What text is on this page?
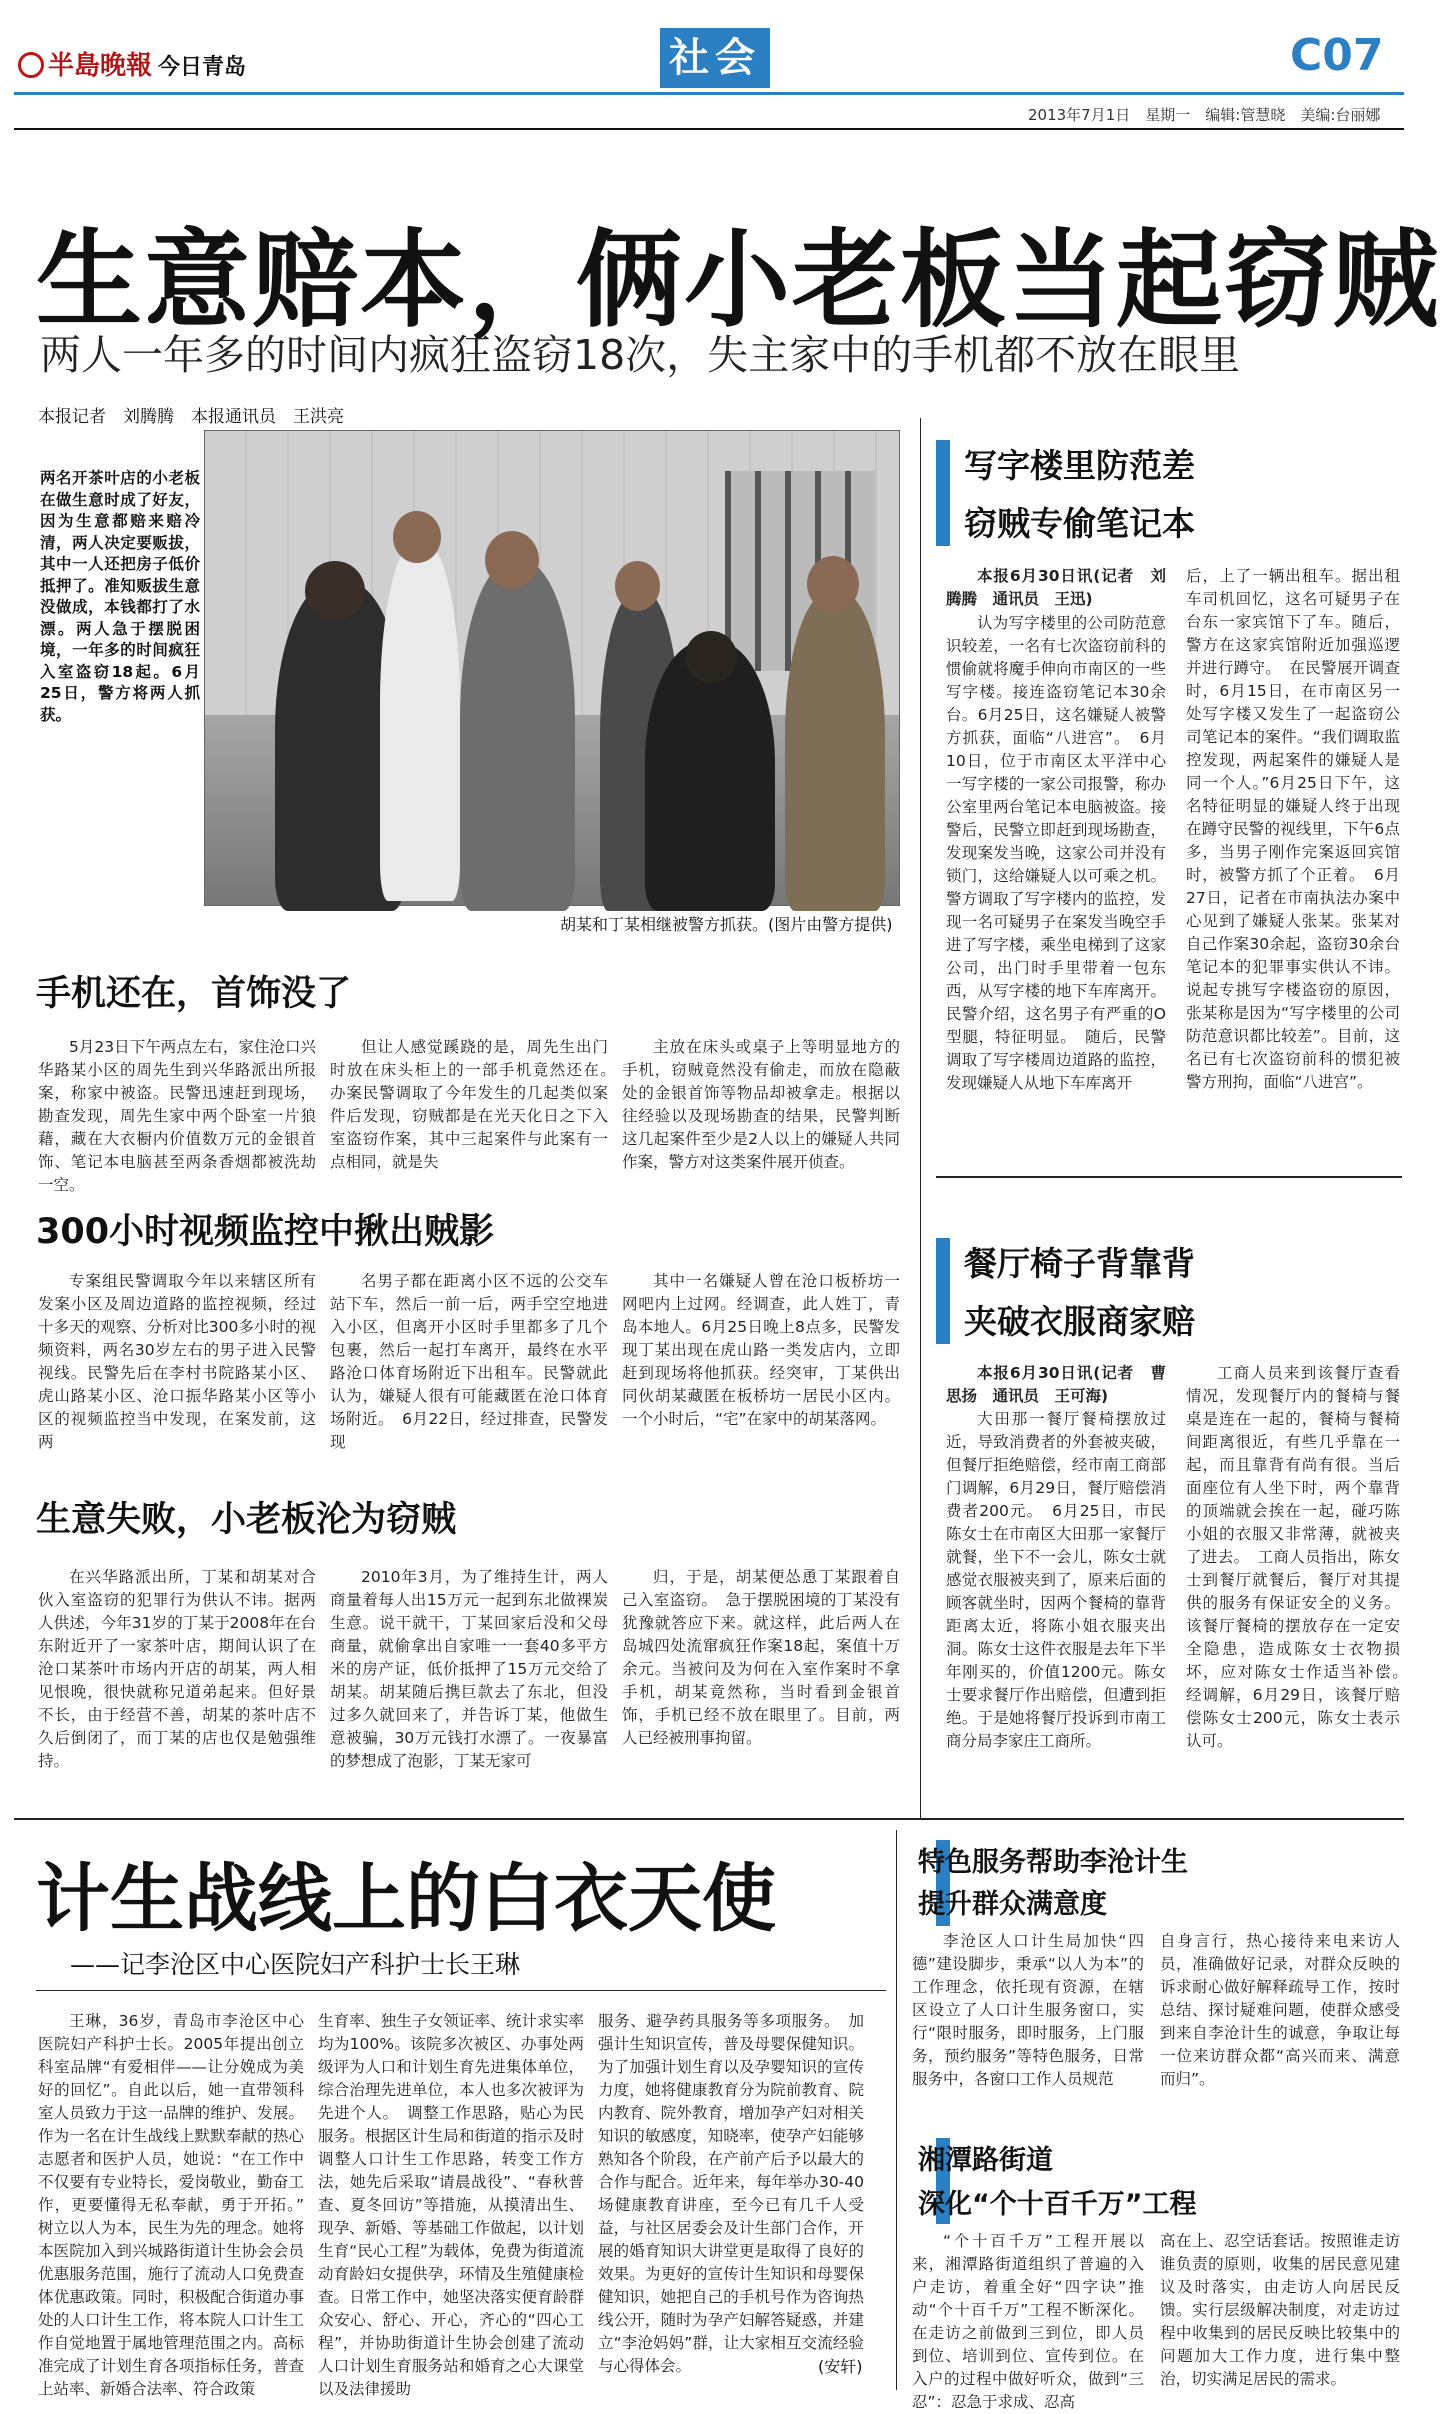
半島晚報 今日青岛	社会	C07
2013年7月1日　星期一　编辑:管慧晓　美编:台丽娜
生意赔本，俩小老板当起窃贼
两人一年多的时间内疯狂盗窃18次，失主家中的手机都不放在眼里
本报记者　刘腾腾　本报通讯员　王洪亮
两名开茶叶店的小老板在做生意时成了好友，因为生意都赔来赔冷清，两人决定要贩拔，其中一人还把房子低价抵押了。准知贩拔生意没做成，本钱都打了水漂。两人急于摆脱困境，一年多的时间疯狂入室盗窃18起。6月25日，警方将两人抓获。
胡某和丁某相继被警方抓获。(图片由警方提供)
手机还在，首饰没了
5月23日下午两点左右，家住沧口兴华路某小区的周先生到兴华路派出所报案，称家中被盗。民警迅速赶到现场，勘查发现，周先生家中两个卧室一片狼藉，藏在大衣橱内价值数万元的金银首饰、笔记本电脑甚至两条香烟都被洗劫一空。
但让人感觉蹊跷的是，周先生出门时放在床头柜上的一部手机竟然还在。　办案民警调取了今年发生的几起类似案件后发现，窃贼都是在光天化日之下入室盗窃作案，其中三起案件与此案有一点相同，就是失
主放在床头或桌子上等明显地方的手机，窃贼竟然没有偷走，而放在隐蔽处的金银首饰等物品却被拿走。根据以往经验以及现场勘查的结果，民警判断这几起案件至少是2人以上的嫌疑人共同作案，警方对这类案件展开侦查。
300小时视频监控中揪出贼影
专案组民警调取今年以来辖区所有发案小区及周边道路的监控视频，经过十多天的观察、分析对比300多小时的视频资料，两名30岁左右的男子进入民警视线。民警先后在李村书院路某小区、虎山路某小区、沧口振华路某小区等小区的视频监控当中发现，在案发前，这两
名男子都在距离小区不远的公交车站下车，然后一前一后，两手空空地进入小区，但离开小区时手里都多了几个包裹，然后一起打车离开，最终在水平路沧口体育场附近下出租车。民警就此认为，嫌疑人很有可能藏匿在沧口体育场附近。　6月22日，经过排查，民警发现
其中一名嫌疑人曾在沧口板桥坊一网吧内上过网。经调查，此人姓丁，青岛本地人。6月25日晚上8点多，民警发现丁某出现在虎山路一类发店内，立即赶到现场将他抓获。经突审，丁某供出同伙胡某藏匿在板桥坊一居民小区内。一个小时后，“宅”在家中的胡某落网。
生意失败，小老板沦为窃贼
在兴华路派出所，丁某和胡某对合伙入室盗窃的犯罪行为供认不讳。据两人供述，今年31岁的丁某于2008年在台东附近开了一家茶叶店，期间认识了在沧口某茶叶市场内开店的胡某，两人相见恨晚，很快就称兄道弟起来。但好景不长，由于经营不善，胡某的茶叶店不久后倒闭了，而丁某的店也仅是勉强维持。
2010年3月，为了维持生计，两人商量着每人出15万元一起到东北做裸炭生意。说干就干，丁某回家后没和父母商量，就偷拿出自家唯一一套40多平方米的房产证，低价抵押了15万元交给了胡某。胡某随后携巨款去了东北，但没过多久就回来了，并告诉丁某，他做生意被骗，30万元钱打水漂了。一夜暴富的梦想成了泡影，丁某无家可
归，于是，胡某便怂恿丁某跟着自己入室盗窃。　急于摆脱困境的丁某没有犹豫就答应下来。就这样，此后两人在岛城四处流窜疯狂作案18起，案值十万余元。当被问及为何在入室作案时不拿手机，胡某竟然称，当时看到金银首饰，手机已经不放在眼里了。目前，两人已经被刑事拘留。
写字楼里防范差
窃贼专偷笔记本
本报6月30日讯(记者　刘腾腾　通讯员　王迅)
认为写字楼里的公司防范意识较差，一名有七次盗窃前科的惯偷就将魔手伸向市南区的一些写字楼。接连盗窃笔记本30余台。6月25日，这名嫌疑人被警方抓获，面临“八进宫”。　6月10日，位于市南区太平洋中心一写字楼的一家公司报警，称办公室里两台笔记本电脑被盗。接警后，民警立即赶到现场勘查，发现案发当晚，这家公司并没有锁门，这给嫌疑人以可乘之机。警方调取了写字楼内的监控，发现一名可疑男子在案发当晚空手进了写字楼，乘坐电梯到了这家公司，出门时手里带着一包东西，从写字楼的地下车库离开。民警介绍，这名男子有严重的O型腿，特征明显。　随后，民警调取了写字楼周边道路的监控，发现嫌疑人从地下车库离开
后，上了一辆出租车。据出租车司机回忆，这名可疑男子在台东一家宾馆下了车。随后，警方在这家宾馆附近加强巡逻并进行蹲守。　在民警展开调查时，6月15日，在市南区另一处写字楼又发生了一起盗窃公司笔记本的案件。“我们调取监控发现，两起案件的嫌疑人是同一个人。”6月25日下午，这名特征明显的嫌疑人终于出现在蹲守民警的视线里，下午6点多，当男子刚作完案返回宾馆时，被警方抓了个正着。　6月27日，记者在市南执法办案中心见到了嫌疑人张某。张某对自己作案30余起，盗窃30余台笔记本的犯罪事实供认不讳。说起专挑写字楼盗窃的原因，张某称是因为“写字楼里的公司防范意识都比较差”。目前，这名已有七次盗窃前科的惯犯被警方刑拘，面临“八进宫”。
餐厅椅子背靠背
夹破衣服商家赔
本报6月30日讯(记者　曹思扬　通讯员　王可海)
大田那一餐厅餐椅摆放过近，导致消费者的外套被夹破，但餐厅拒绝赔偿，经市南工商部门调解，6月29日，餐厅赔偿消费者200元。　6月25日，市民陈女士在市南区大田那一家餐厅就餐，坐下不一会儿，陈女士就感觉衣服被夹到了，原来后面的顾客就坐时，因两个餐椅的靠背距离太近，将陈小姐衣服夹出洞。陈女士这件衣服是去年下半年刚买的，价值1200元。陈女士要求餐厅作出赔偿，但遭到拒绝。于是她将餐厅投诉到市南工商分局李家庄工商所。
工商人员来到该餐厅查看情况，发现餐厅内的餐椅与餐桌是连在一起的，餐椅与餐椅间距离很近，有些几乎靠在一起，而且靠背有尚有很。当后面座位有人坐下时，两个靠背的顶端就会挨在一起，碰巧陈小姐的衣服又非常薄，就被夹了进去。　工商人员指出，陈女士到餐厅就餐后，餐厅对其提供的服务有保证安全的义务。该餐厅餐椅的摆放存在一定安全隐患，造成陈女士衣物损坏，应对陈女士作适当补偿。　经调解，6月29日，该餐厅赔偿陈女士200元，陈女士表示认可。
计生战线上的白衣天使
——记李沧区中心医院妇产科护士长王琳
王琳，36岁，青岛市李沧区中心医院妇产科护士长。2005年提出创立科室品牌“有爱相伴——让分娩成为美好的回忆”。自此以后，她一直带领科室人员致力于这一品牌的维护、发展。作为一名在计生战线上默默奉献的热心志愿者和医护人员，她说：“在工作中不仅要有专业特长，爱岗敬业，勤奋工作，更要懂得无私奉献，勇于开拓。”　树立以人为本，民生为先的理念。她将本医院加入到兴城路街道计生协会会员优惠服务范围，施行了流动人口免费查体优惠政策。同时，积极配合街道办事处的人口计生工作，将本院人口计生工作自觉地置于属地管理范围之内。高标准完成了计划生育各项指标任务，普查上站率、新婚合法率、符合政策
生育率、独生子女领证率、统计求实率均为100%。该院多次被区、办事处两级评为人口和计划生育先进集体单位，综合治理先进单位，本人也多次被评为先进个人。　调整工作思路，贴心为民服务。根据区计生局和街道的指示及时调整人口计生工作思路，转变工作方法，她先后采取“请晨战役”、“春秋普查、夏冬回访”等措施，从摸清出生、现孕、新婚、等基础工作做起，以计划生育“民心工程”为载体，免费为街道流动育龄妇女提供孕，环情及生殖健康检查。日常工作中，她坚决落实便育龄群众安心、舒心、开心，齐心的“四心工程”，并协助街道计生协会创建了流动人口计划生育服务站和婚育之心大课堂以及法律援助
服务、避孕药具服务等多项服务。　加强计生知识宣传，普及母婴保健知识。为了加强计划生育以及孕婴知识的宣传力度，她将健康教育分为院前教育、院内教育、院外教育，增加孕产妇对相关知识的敏感度，知晓率，使孕产妇能够熟知各个阶段，在产前产后予以最大的合作与配合。近年来，每年举办30-40场健康教育讲座，至今已有几千人受益，与社区居委会及计生部门合作，开展的婚育知识大讲堂更是取得了良好的效果。为更好的宣传计生知识和母婴保健知识，她把自己的手机号作为咨询热线公开，随时为孕产妇解答疑惑，并建立“李沧妈妈”群，让大家相互交流经验与心得体会。	(安轩)
特色服务帮助李沧计生
提升群众满意度
李沧区人口计生局加快“四德”建设脚步，秉承“以人为本”的工作理念，依托现有资源，在辖区设立了人口计生服务窗口，实行“限时服务，即时服务，上门服务，预约服务”等特色服务，日常服务中，各窗口工作人员规范
自身言行，热心接待来电来访人员，准确做好记录，对群众反映的诉求耐心做好解释疏导工作，按时总结、探讨疑难问题，使群众感受到来自李沧计生的诚意，争取让每一位来访群众都“高兴而来、满意而归”。
湘潭路街道
深化“个十百千万”工程
“个十百千万”工程开展以来，湘潭路街道组织了普遍的入户走访，着重全好“四字诀”推动“个十百千万”工程不断深化。在走访之前做到三到位，即人员到位、培训到位、宣传到位。在入户的过程中做好听众，做到“三忍”：忍急于求成、忍高
高在上、忍空话套话。按照谁走访谁负责的原则，收集的居民意见建议及时落实，由走访人向居民反馈。实行层级解决制度，对走访过程中收集到的居民反映比较集中的问题加大工作力度，进行集中整治，切实满足居民的需求。
